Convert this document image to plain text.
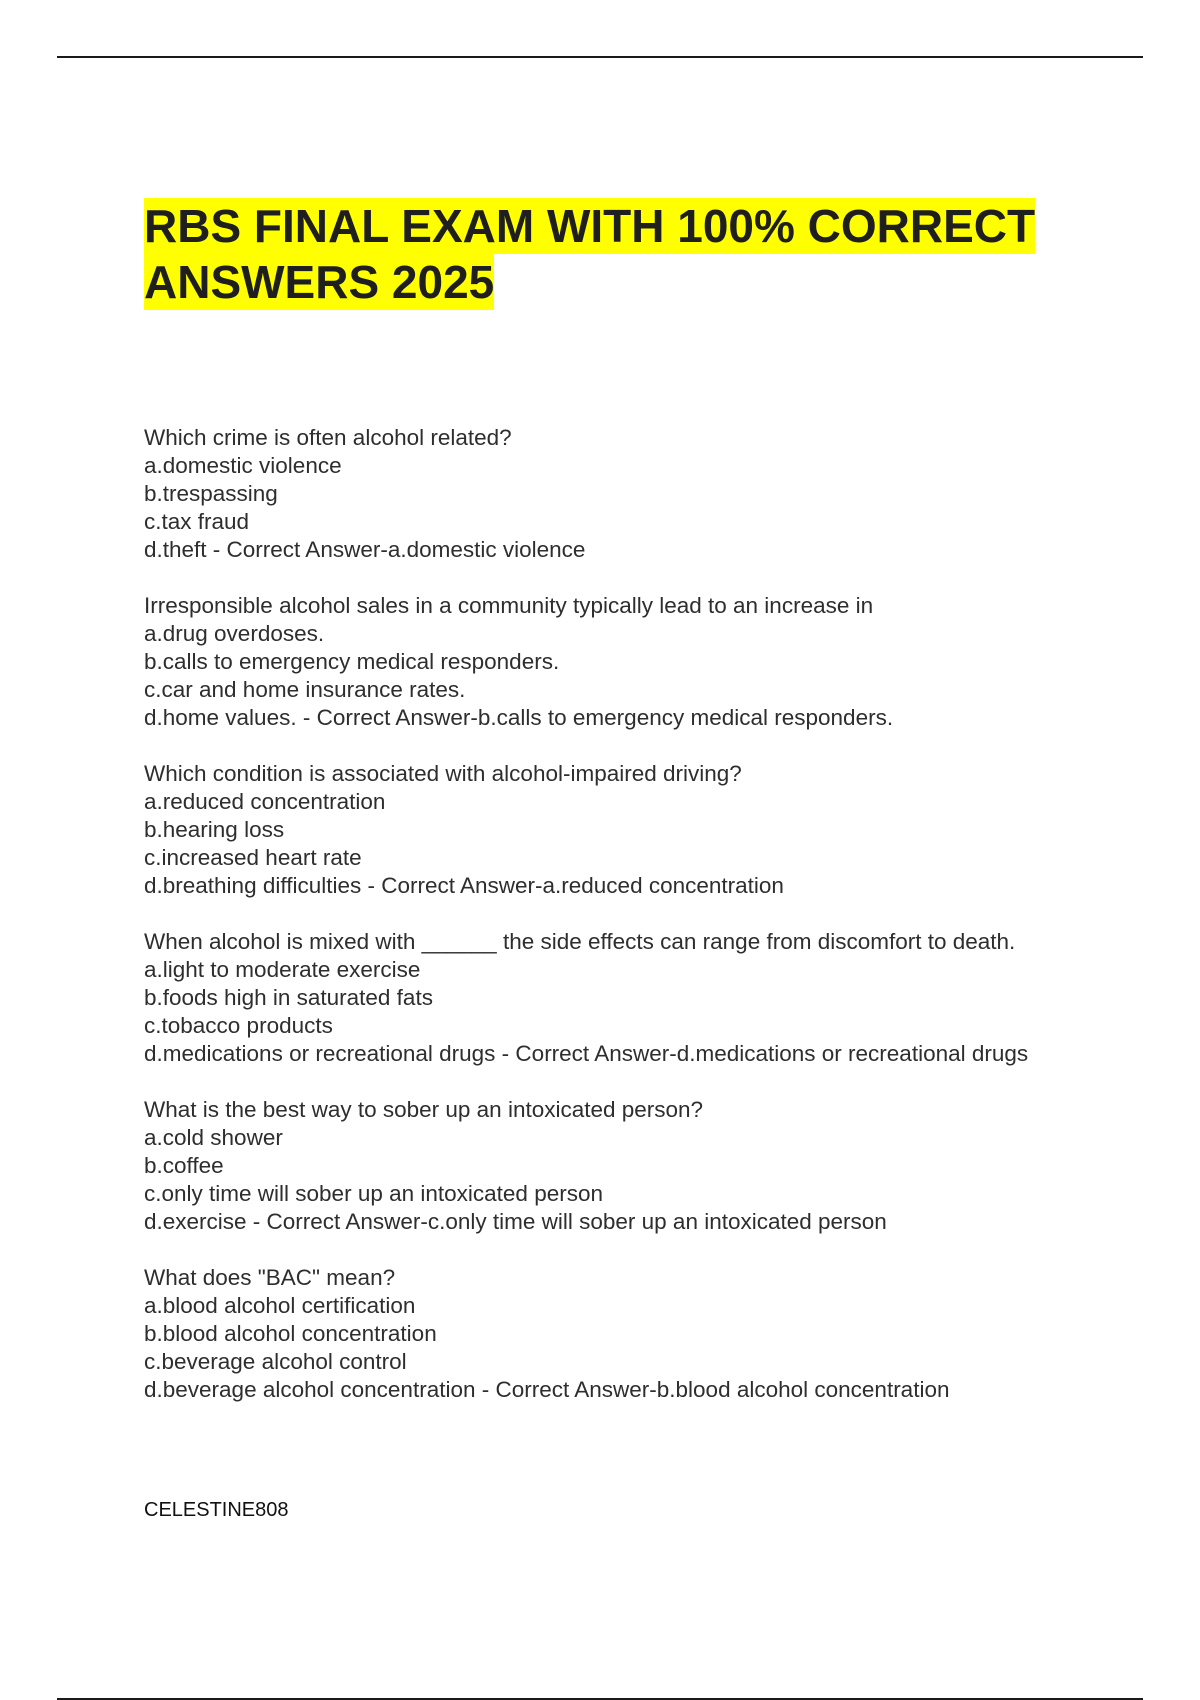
RBS FINAL EXAM WITH 100% CORRECT ANSWERS 2025
Which crime is often alcohol related?
a.domestic violence
b.trespassing
c.tax fraud
d.theft - Correct Answer-a.domestic violence
Irresponsible alcohol sales in a community typically lead to an increase in
a.drug overdoses.
b.calls to emergency medical responders.
c.car and home insurance rates.
d.home values. - Correct Answer-b.calls to emergency medical responders.
Which condition is associated with alcohol-impaired driving?
a.reduced concentration
b.hearing loss
c.increased heart rate
d.breathing difficulties - Correct Answer-a.reduced concentration
When alcohol is mixed with ______ the side effects can range from discomfort to death.
a.light to moderate exercise
b.foods high in saturated fats
c.tobacco products
d.medications or recreational drugs - Correct Answer-d.medications or recreational drugs
What is the best way to sober up an intoxicated person?
a.cold shower
b.coffee
c.only time will sober up an intoxicated person
d.exercise - Correct Answer-c.only time will sober up an intoxicated person
What does "BAC" mean?
a.blood alcohol certification
b.blood alcohol concentration
c.beverage alcohol control
d.beverage alcohol concentration - Correct Answer-b.blood alcohol concentration
CELESTINE808
